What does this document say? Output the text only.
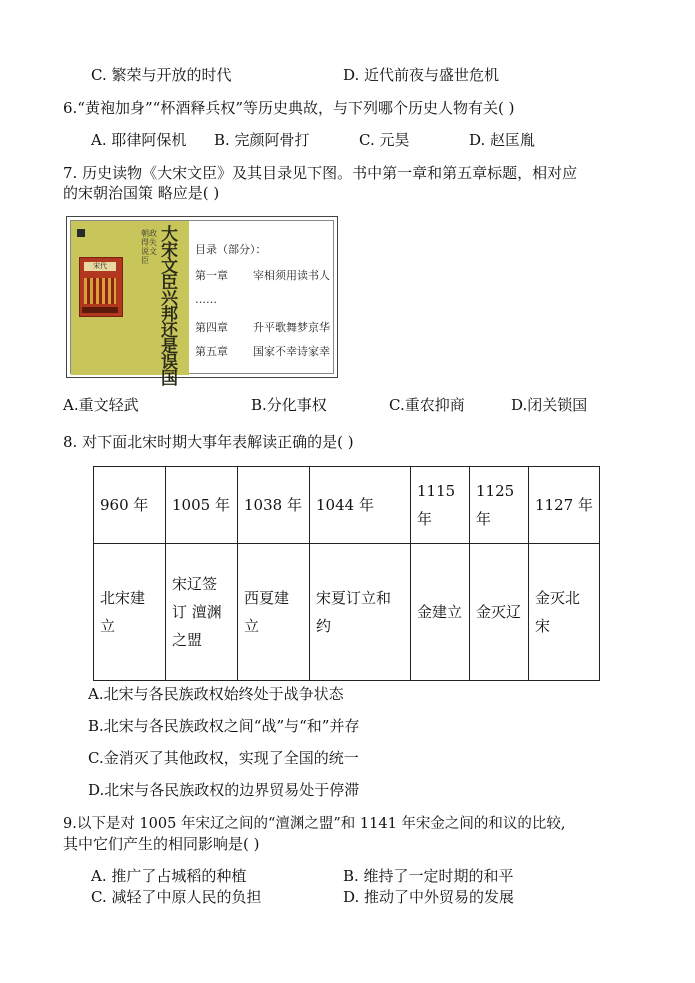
C. 繁荣与开放的时代	D. 近代前夜与盛世危机
6.“黄袍加身”“杯酒释兵权”等历史典故，与下列哪个历史人物有关( )
A. 耶律阿保机 B. 完颜阿骨打	C. 元昊	D. 赵匡胤
7. 历史读物《大宋文臣》及其目录见下图。书中第一章和第五章标题，相对应
的宋朝治国策 略应是( )
朝政得失说文臣
大宋文臣兴邦还是误国
宋代
目录（部分）：
第一章 宰相须用读书人
……
第四章 升平歌舞梦京华
第五章 国家不幸诗家幸
A.重文轻武	B.分化事权	C.重农抑商	D.闭关锁国
8. 对下面北宋时期大事年表解读正确的是( )
960 年	1005 年	1038 年	1044 年	1115 年	1125 年	1127 年
北宋建立	宋辽签订 澶渊之盟	西夏建立	宋夏订立和约	金建立	金灭辽	金灭北宋
A.北宋与各民族政权始终处于战争状态
B.北宋与各民族政权之间“战”与“和”并存
C.金消灭了其他政权，实现了全国的统一
D.北宋与各民族政权的边界贸易处于停滞
9.以下是对 1005 年宋辽之间的“澶渊之盟”和 1141 年宋金之间的和议的比较,
其中它们产生的相同影响是( )
A. 推广了占城稻的种植	B. 维持了一定时期的和平
C. 减轻了中原人民的负担	D. 推动了中外贸易的发展
